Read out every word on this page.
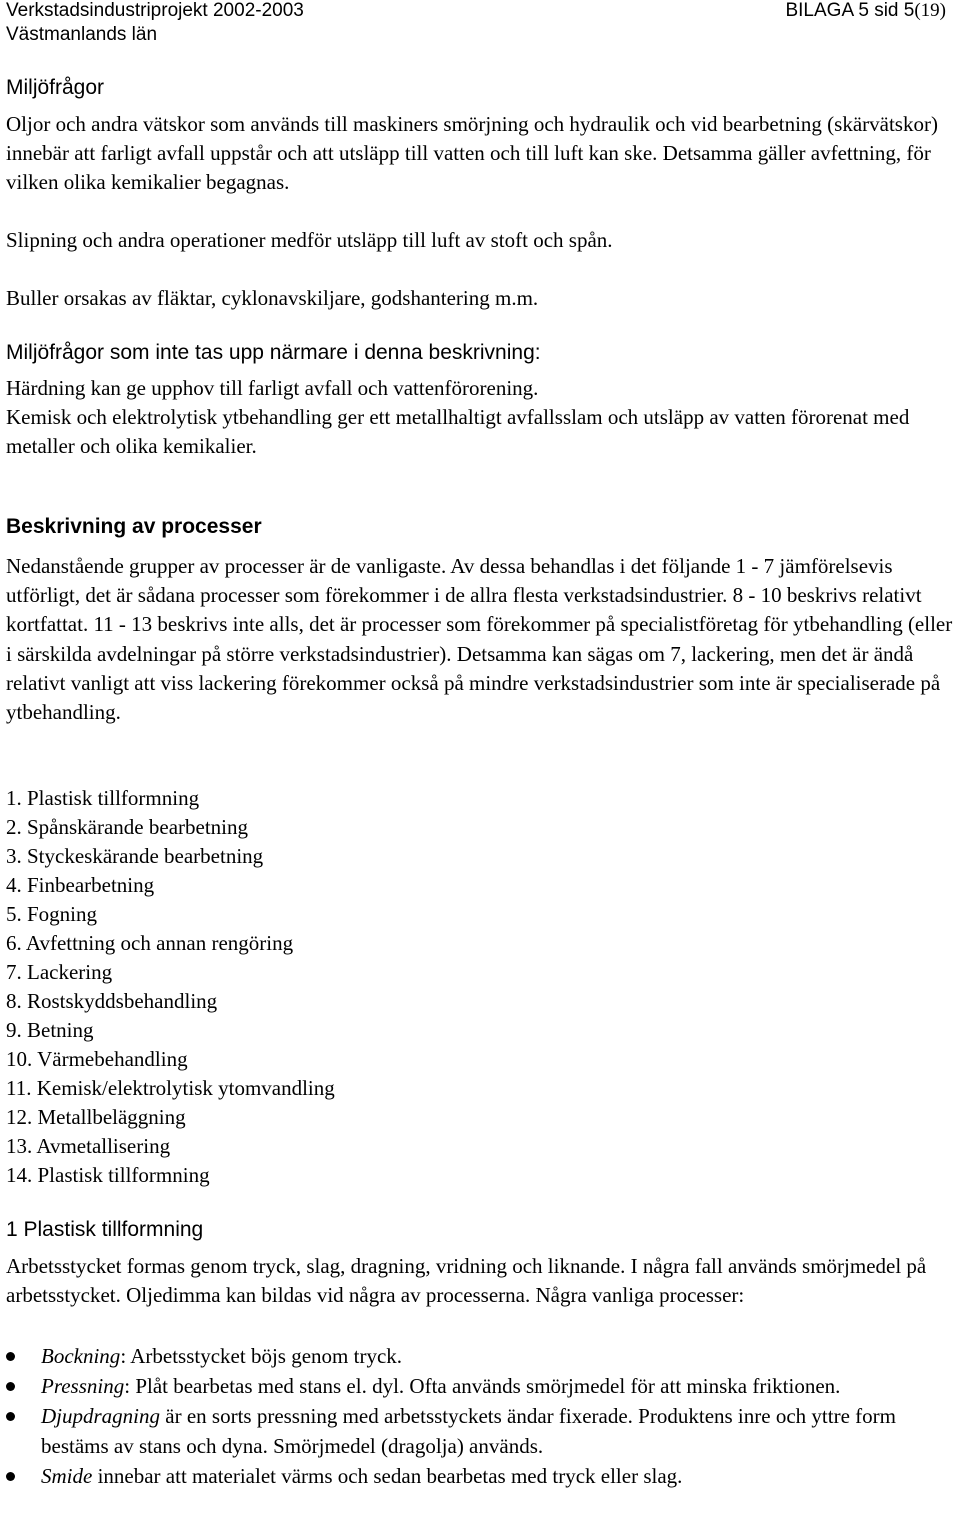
Verkstadsindustriprojekt 2002-2003
Västmanlands län
BILAGA 5 sid 5(19)
Miljöfrågor

Oljor och andra vätskor som används till maskiners smörjning och hydraulik och vid bearbetning (skärvätskor) innebär att farligt avfall uppstår och att utsläpp till vatten och till luft kan ske. Detsamma gäller avfettning, för vilken olika kemikalier begagnas.

Slipning och andra operationer medför utsläpp till luft av stoft och spån.

Buller orsakas av fläktar, cyklonavskiljare, godshantering m.m.

Miljöfrågor som inte tas upp närmare i denna beskrivning:

Härdning kan ge upphov till farligt avfall och vattenförorening.

Kemisk och elektrolytisk ytbehandling ger ett metallhaltigt avfallsslam och utsläpp av vatten förorenat med metaller och olika kemikalier.

Beskrivning av processer

Nedanstående grupper av processer är de vanligaste. Av dessa behandlas i det följande 1 - 7 jämförelsevis utförligt, det är sådana processer som förekommer i de allra flesta verkstadsindustrier. 8 - 10 beskrivs relativt kortfattat. 11 - 13 beskrivs inte alls, det är processer som förekommer på specialistföretag för ytbehandling (eller i särskilda avdelningar på större verkstadsindustrier). Detsamma kan sägas om 7, lackering, men det är ändå relativt vanligt att viss lackering förekommer också på mindre verkstadsindustrier som inte är specialiserade på ytbehandling.

1. Plastisk tillformning
2. Spånskärande bearbetning
3. Styckeskärande bearbetning
4. Finbearbetning
5. Fogning
6. Avfettning och annan rengöring
7. Lackering
8. Rostskyddsbehandling
9. Betning
10. Värmebehandling
11. Kemisk/elektrolytisk ytomvandling
12. Metallbeläggning
13. Avmetallisering
14. Plastisk tillformning
1 Plastisk tillformning

Arbetsstycket formas genom tryck, slag, dragning, vridning och liknande. I några fall används smörjmedel på arbetsstycket. Oljedimma kan bildas vid några av processerna. Några vanliga processer:

Bockning: Arbetsstycket böjs genom tryck.
Pressning: Plåt bearbetas med stans el. dyl. Ofta används smörjmedel för att minska friktionen.
Djupdragning är en sorts pressning med arbetsstyckets ändar fixerade. Produktens inre och yttre form bestäms av stans och dyna. Smörjmedel (dragolja) används.
Smide innebar att materialet värms och sedan bearbetas med tryck eller slag.
